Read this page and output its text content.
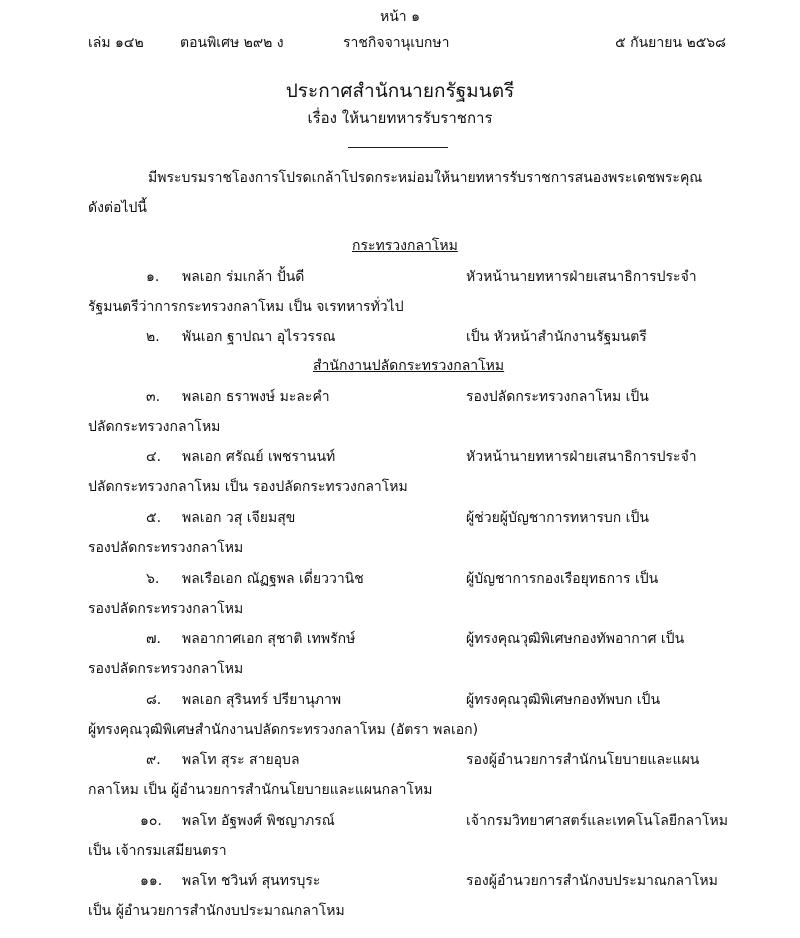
หน้า ๑
เล่ม ๑๔๒	ตอนพิเศษ ๒๙๒ ง	ราชกิจจานุเบกษา	๕ กันยายน ๒๕๖๘
ประกาศสำนักนายกรัฐมนตรี
เรื่อง ให้นายทหารรับราชการ
มีพระบรมราชโองการโปรดเกล้าโปรดกระหม่อมให้นายทหารรับราชการสนองพระเดชพระคุณ
ดังต่อไปนี้
กระทรวงกลาโหม
๑. พลเอก ร่มเกล้า ปั้นดี	หัวหน้านายทหารฝ่ายเสนาธิการประจำ
รัฐมนตรีว่าการกระทรวงกลาโหม เป็น จเรทหารทั่วไป
๒. พันเอก ฐาปณา อุไรวรรณ	เป็น หัวหน้าสำนักงานรัฐมนตรี
สำนักงานปลัดกระทรวงกลาโหม
๓. พลเอก ธราพงษ์ มะละคำ	รองปลัดกระทรวงกลาโหม เป็น
ปลัดกระทรวงกลาโหม
๔. พลเอก ศรัณย์ เพชรานนท์	หัวหน้านายทหารฝ่ายเสนาธิการประจำ
ปลัดกระทรวงกลาโหม เป็น รองปลัดกระทรวงกลาโหม
๕. พลเอก วสุ เจียมสุข	ผู้ช่วยผู้บัญชาการทหารบก เป็น
รองปลัดกระทรวงกลาโหม
๖. พลเรือเอก ณัฏฐพล เดี่ยววานิช	ผู้บัญชาการกองเรือยุทธการ เป็น
รองปลัดกระทรวงกลาโหม
๗. พลอากาศเอก สุชาติ เทพรักษ์	ผู้ทรงคุณวุฒิพิเศษกองทัพอากาศ เป็น
รองปลัดกระทรวงกลาโหม
๘. พลเอก สุรินทร์ ปรียานุภาพ	ผู้ทรงคุณวุฒิพิเศษกองทัพบก เป็น
ผู้ทรงคุณวุฒิพิเศษสำนักงานปลัดกระทรวงกลาโหม (อัตรา พลเอก)
๙. พลโท สุระ สายอุบล	รองผู้อำนวยการสำนักนโยบายและแผน
กลาโหม เป็น ผู้อำนวยการสำนักนโยบายและแผนกลาโหม
๑๐. พลโท อัฐพงศ์ พิชญาภรณ์	เจ้ากรมวิทยาศาสตร์และเทคโนโลยีกลาโหม
เป็น เจ้ากรมเสมียนตรา
๑๑. พลโท ชวินท์ สุนทรบุระ	รองผู้อำนวยการสำนักงบประมาณกลาโหม
เป็น ผู้อำนวยการสำนักงบประมาณกลาโหม
